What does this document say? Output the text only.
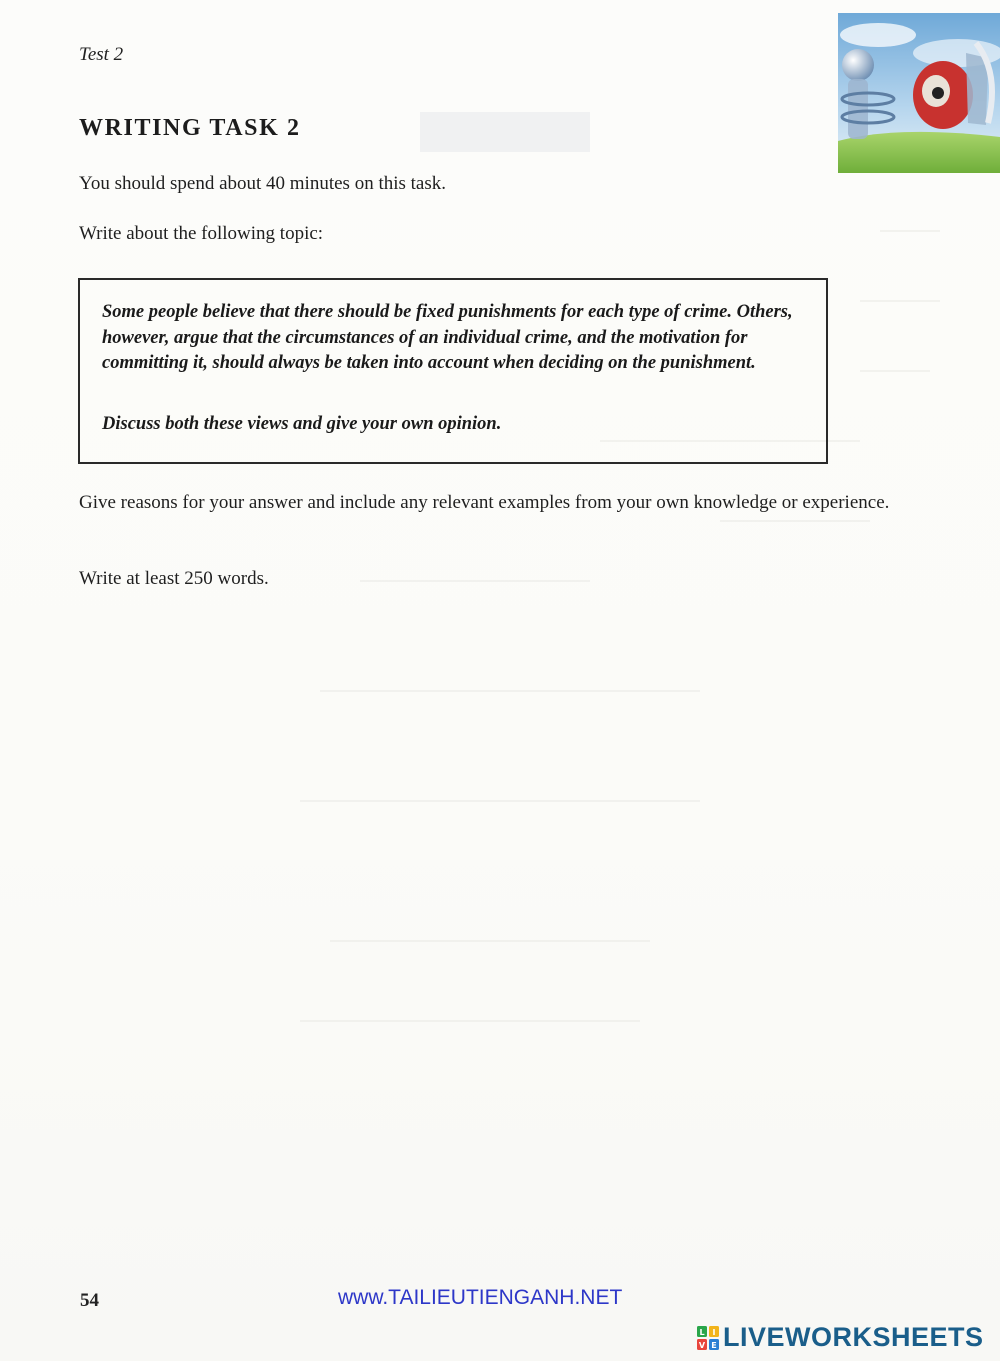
Test 2
WRITING TASK 2
You should spend about 40 minutes on this task.
Write about the following topic:

Some people believe that there should be fixed punishments for each type of crime. Others, however, argue that the circumstances of an individual crime, and the motivation for committing it, should always be taken into account when deciding on the punishment.

Discuss both these views and give your own opinion.

Give reasons for your answer and include any relevant examples from your own knowledge or experience.
Write at least 250 words.
54	www.TAILIEUTIENGANH.NET
L I
V E LIVEWORKSHEETS
